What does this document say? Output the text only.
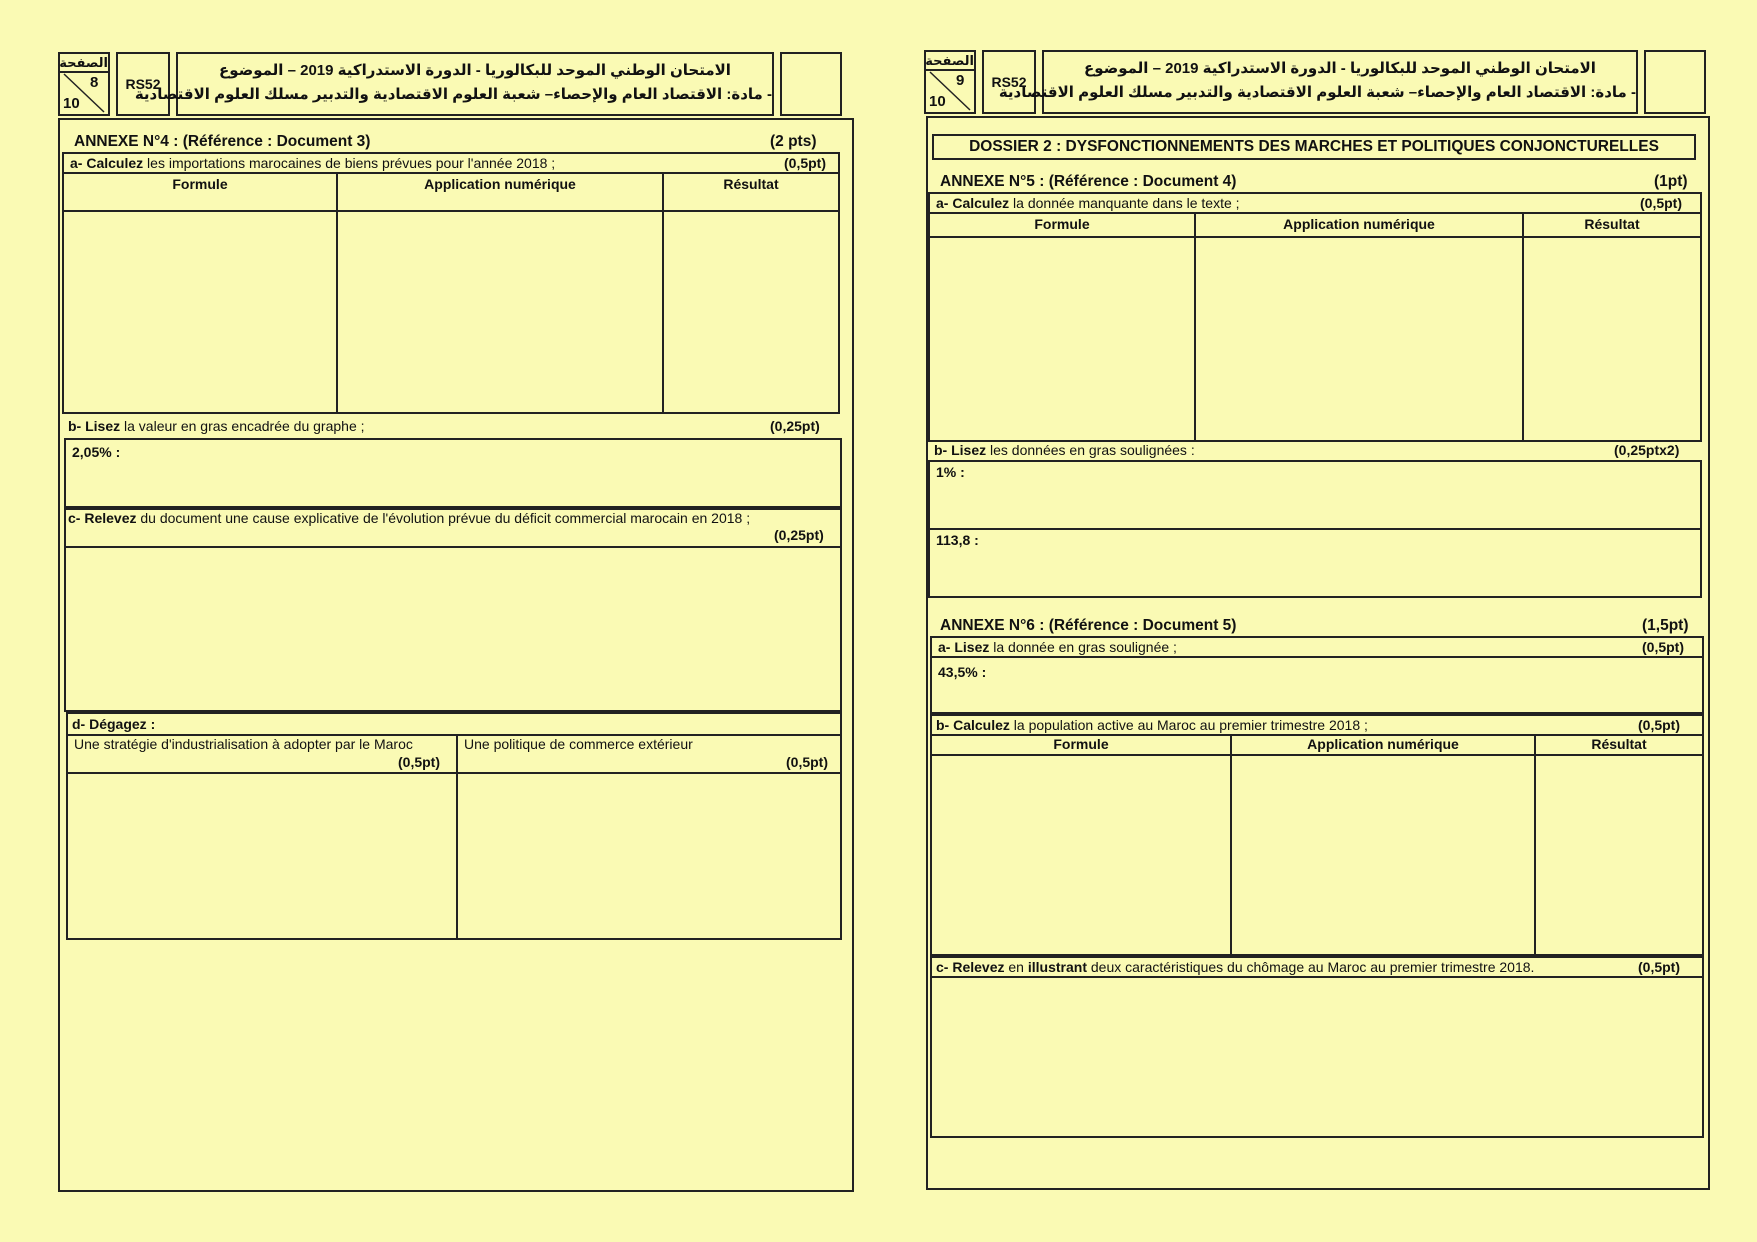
الصفحة
8
10
RS52
الامتحان الوطني الموحد للبكالوريا - الدورة الاستدراكية 2019 – الموضوع
- مادة: الاقتصاد العام والإحصاء– شعبة العلوم الاقتصادية والتدبير مسلك العلوم الاقتصادية
ANNEXE N°4 : (Référence : Document 3)	(2 pts)
a- Calculez les importations marocaines de biens prévues pour l'année 2018 ;	(0,5pt)
Formule	Application numérique	Résultat
b- Lisez la valeur en gras encadrée du graphe ;	(0,25pt)
2,05% :
c- Relevez du document une cause explicative de l'évolution prévue du déficit commercial marocain en 2018 ;
(0,25pt)
d- Dégagez :
Une stratégie d'industrialisation à adopter par le Maroc
(0,5pt)
Une politique de commerce extérieur
(0,5pt)
الصفحة
9
10
RS52
الامتحان الوطني الموحد للبكالوريا - الدورة الاستدراكية 2019 – الموضوع
- مادة: الاقتصاد العام والإحصاء– شعبة العلوم الاقتصادية والتدبير مسلك العلوم الاقتصادية
DOSSIER 2 : DYSFONCTIONNEMENTS DES MARCHES ET POLITIQUES CONJONCTURELLES
ANNEXE N°5 : (Référence : Document 4)	(1pt)
a- Calculez la donnée manquante dans le texte ;	(0,5pt)
Formule	Application numérique	Résultat
b- Lisez les données en gras soulignées :	(0,25ptx2)
1% :
113,8 :
ANNEXE N°6 : (Référence : Document 5)	(1,5pt)
a- Lisez la donnée en gras soulignée ;	(0,5pt)
43,5% :
b- Calculez la population active au Maroc au premier trimestre 2018 ;	(0,5pt)
Formule	Application numérique	Résultat
c- Relevez en illustrant deux caractéristiques du chômage au Maroc au premier trimestre 2018.	(0,5pt)
